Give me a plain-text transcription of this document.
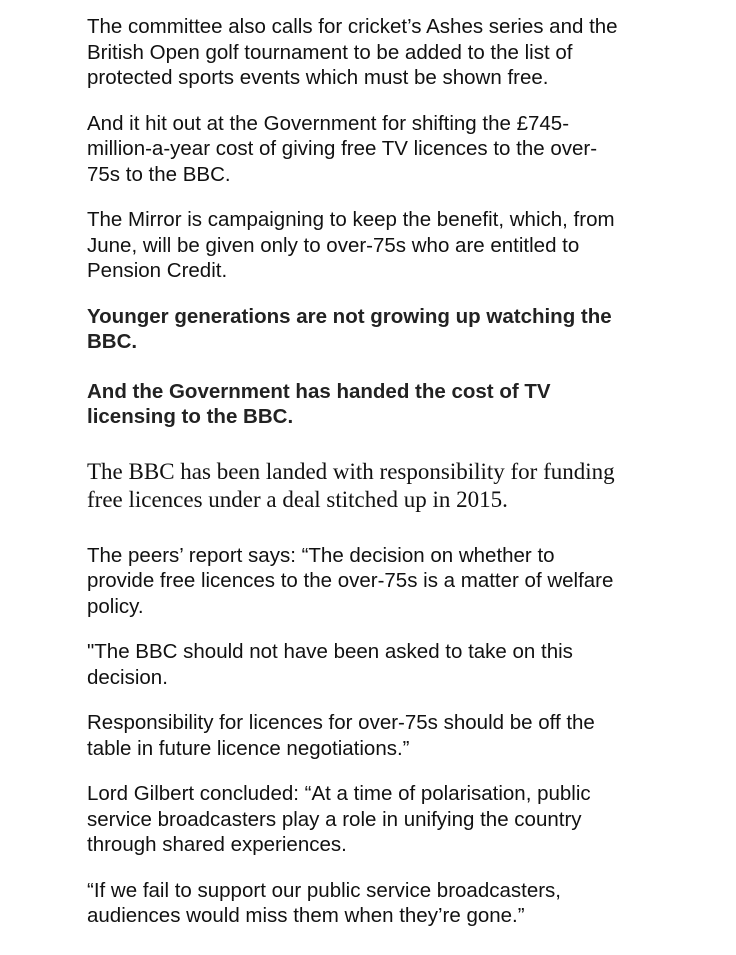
The committee also calls for cricket’s Ashes series and the
British Open golf tournament to be added to the list of
protected sports events which must be shown free.

And it hit out at the Government for shifting the £745-
million-a-year cost of giving free TV licences to the over-
75s to the BBC.

The Mirror is campaigning to keep the benefit, which, from
June, will be given only to over-75s who are entitled to
Pension Credit.

Younger generations are not growing up watching the
BBC.

And the Government has handed the cost of TV
licensing to the BBC.

The BBC has been landed with responsibility for funding
free licences under a deal stitched up in 2015.

The peers’ report says: “The decision on whether to
provide free licences to the over-75s is a matter of welfare
policy.

"The BBC should not have been asked to take on this
decision.

Responsibility for licences for over-75s should be off the
table in future licence negotiations.”

Lord Gilbert concluded: “At a time of polarisation, public
service broadcasters play a role in unifying the country
through shared experiences.

“If we fail to support our public service broadcasters,
audiences would miss them when they’re gone.”
